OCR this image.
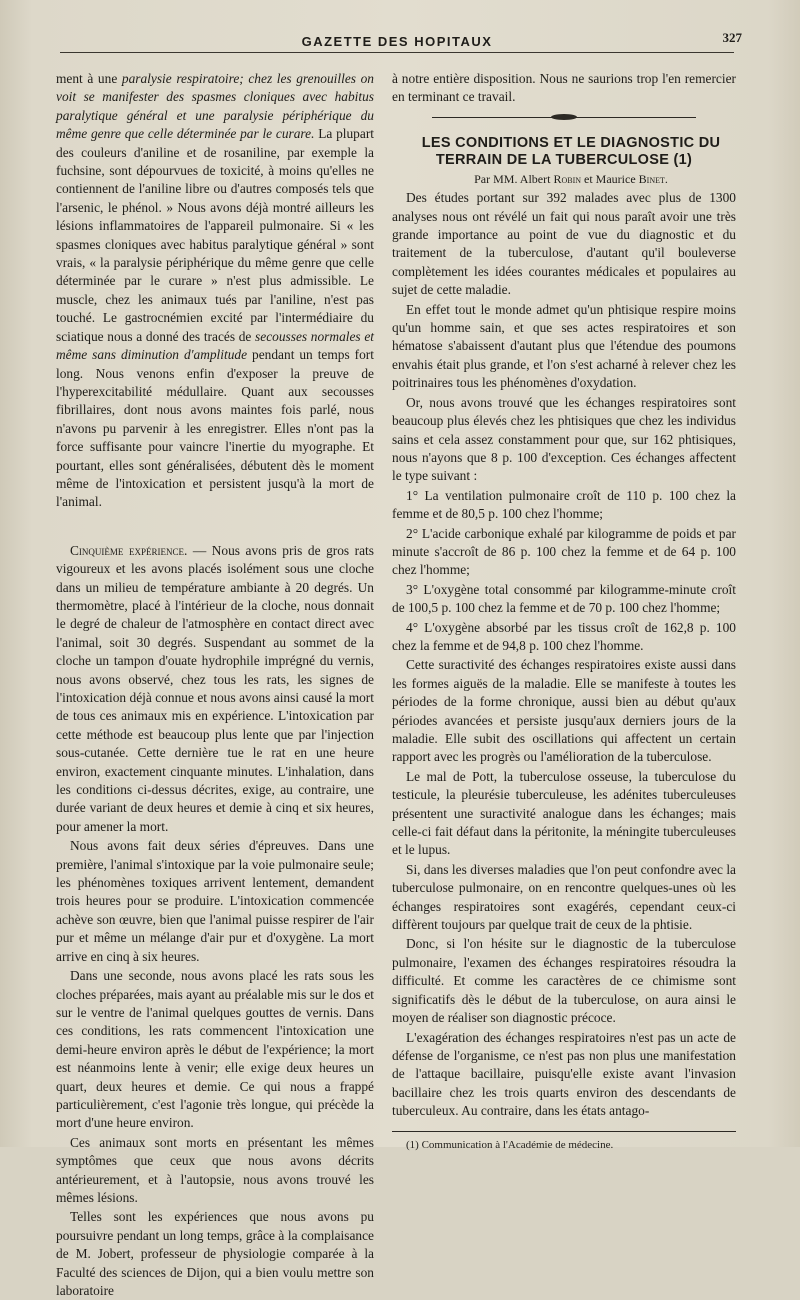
GAZETTE DES HOPITAUX	327

ment à une paralysie respiratoire; chez les grenouilles on voit se manifester des spasmes cloniques avec habitus paralytique général et une paralysie périphérique du même genre que celle déterminée par le curare. La plupart des couleurs d'aniline et de rosaniline, par exemple la fuchsine, sont dépourvues de toxicité, à moins qu'elles ne contiennent de l'aniline libre ou d'autres composés tels que l'arsenic, le phénol. » Nous avons déjà montré ailleurs les lésions inflammatoires de l'appareil pulmonaire. Si « les spasmes cloniques avec habitus paralytique général » sont vrais, « la paralysie périphérique du même genre que celle déterminée par le curare » n'est plus admissible. Le muscle, chez les animaux tués par l'aniline, n'est pas touché. Le gastrocnémien excité par l'intermédiaire du sciatique nous a donné des tracés de secousses normales et même sans diminution d'amplitude pendant un temps fort long. Nous venons enfin d'exposer la preuve de l'hyperexcitabilité médullaire. Quant aux secousses fibrillaires, dont nous avons maintes fois parlé, nous n'avons pu parvenir à les enregistrer. Elles n'ont pas la force suffisante pour vaincre l'inertie du myographe. Et pourtant, elles sont généralisées, débutent dès le moment même de l'intoxication et persistent jusqu'à la mort de l'animal.

Cinquième expérience. — Nous avons pris de gros rats vigoureux et les avons placés isolément sous une cloche dans un milieu de température ambiante à 20 degrés. Un thermomètre, placé à l'intérieur de la cloche, nous donnait le degré de chaleur de l'atmosphère en contact direct avec l'animal, soit 30 degrés. Suspendant au sommet de la cloche un tampon d'ouate hydrophile imprégné du vernis, nous avons observé, chez tous les rats, les signes de l'intoxication déjà connue et nous avons ainsi causé la mort de tous ces animaux mis en expérience. L'intoxication par cette méthode est beaucoup plus lente que par l'injection sous-cutanée. Cette dernière tue le rat en une heure environ, exactement cinquante minutes. L'inhalation, dans les conditions ci-dessus décrites, exige, au contraire, une durée variant de deux heures et demie à cinq et six heures, pour amener la mort.

Nous avons fait deux séries d'épreuves. Dans une première, l'animal s'intoxique par la voie pulmonaire seule; les phénomènes toxiques arrivent lentement, demandent trois heures pour se produire. L'intoxication commencée achève son œuvre, bien que l'animal puisse respirer de l'air pur et même un mélange d'air pur et d'oxygène. La mort arrive en cinq à six heures.

Dans une seconde, nous avons placé les rats sous les cloches préparées, mais ayant au préalable mis sur le dos et sur le ventre de l'animal quelques gouttes de vernis. Dans ces conditions, les rats commencent l'intoxication une demi-heure environ après le début de l'expérience; la mort est néanmoins lente à venir; elle exige deux heures un quart, deux heures et demie. Ce qui nous a frappé particulièrement, c'est l'agonie très longue, qui précède la mort d'une heure environ.

Ces animaux sont morts en présentant les mêmes symptômes que ceux que nous avons décrits antérieurement, et à l'autopsie, nous avons trouvé les mêmes lésions.

Telles sont les expériences que nous avons pu poursuivre pendant un long temps, grâce à la complaisance de M. Jobert, professeur de physiologie comparée à la Faculté des sciences de Dijon, qui a bien voulu mettre son laboratoire

à notre entière disposition. Nous ne saurions trop l'en remercier en terminant ce travail.

LES CONDITIONS ET LE DIAGNOSTIC DU TERRAIN DE LA TUBERCULOSE (1)

Par MM. Albert Robin et Maurice Binet.

Des études portant sur 392 malades avec plus de 1300 analyses nous ont révélé un fait qui nous paraît avoir une très grande importance au point de vue du diagnostic et du traitement de la tuberculose, d'autant qu'il bouleverse complètement les idées courantes médicales et populaires au sujet de cette maladie.

En effet tout le monde admet qu'un phtisique respire moins qu'un homme sain, et que ses actes respiratoires et son hématose s'abaissent d'autant plus que l'étendue des poumons envahis était plus grande, et l'on s'est acharné à relever chez les poitrinaires tous les phénomènes d'oxydation.

Or, nous avons trouvé que les échanges respiratoires sont beaucoup plus élevés chez les phtisiques que chez les individus sains et cela assez constamment pour que, sur 162 phtisiques, nous n'ayons que 8 p. 100 d'exception. Ces échanges affectent le type suivant :

1° La ventilation pulmonaire croît de 110 p. 100 chez la femme et de 80,5 p. 100 chez l'homme;

2° L'acide carbonique exhalé par kilogramme de poids et par minute s'accroît de 86 p. 100 chez la femme et de 64 p. 100 chez l'homme;

3° L'oxygène total consommé par kilogramme-minute croît de 100,5 p. 100 chez la femme et de 70 p. 100 chez l'homme;

4° L'oxygène absorbé par les tissus croît de 162,8 p. 100 chez la femme et de 94,8 p. 100 chez l'homme.

Cette suractivité des échanges respiratoires existe aussi dans les formes aiguës de la maladie. Elle se manifeste à toutes les périodes de la forme chronique, aussi bien au début qu'aux périodes avancées et persiste jusqu'aux derniers jours de la maladie. Elle subit des oscillations qui affectent un certain rapport avec les progrès ou l'amélioration de la tuberculose.

Le mal de Pott, la tuberculose osseuse, la tuberculose du testicule, la pleurésie tuberculeuse, les adénites tuberculeuses présentent une suractivité analogue dans les échanges; mais celle-ci fait défaut dans la péritonite, la méningite tuberculeuses et le lupus.

Si, dans les diverses maladies que l'on peut confondre avec la tuberculose pulmonaire, on en rencontre quelques-unes où les échanges respiratoires sont exagérés, cependant ceux-ci diffèrent toujours par quelque trait de ceux de la phtisie.

Donc, si l'on hésite sur le diagnostic de la tuberculose pulmonaire, l'examen des échanges respiratoires résoudra la difficulté. Et comme les caractères de ce chimisme sont significatifs dès le début de la tuberculose, on aura ainsi le moyen de réaliser son diagnostic précoce.

L'exagération des échanges respiratoires n'est pas un acte de défense de l'organisme, ce n'est pas non plus une manifestation de l'attaque bacillaire, puisqu'elle existe avant l'invasion bacillaire chez les trois quarts environ des descendants de tuberculeux. Au contraire, dans les états antago-

(1) Communication à l'Académie de médecine.
